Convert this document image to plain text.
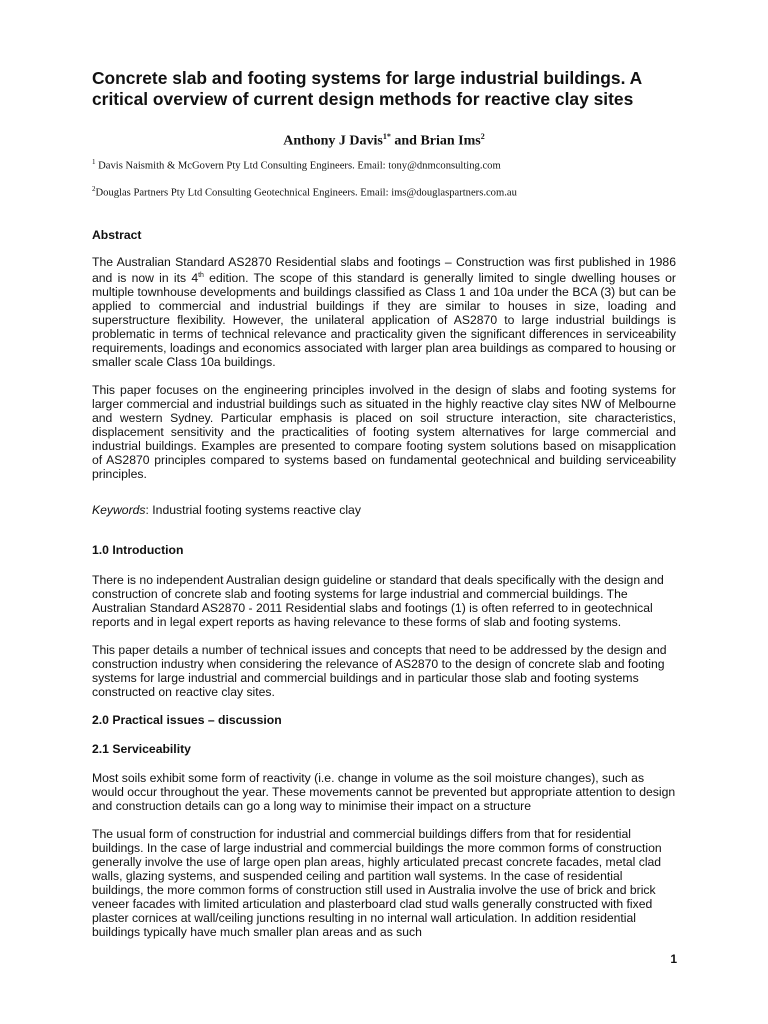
Concrete slab and footing systems for large industrial buildings. A critical overview of current design methods for reactive clay sites
Anthony J Davis$^{1*}$ and Brian Ims$^2$
$^1$ Davis Naismith & McGovern Pty Ltd Consulting Engineers. Email: tony@dnmconsulting.com
$^2$Douglas Partners Pty Ltd Consulting Geotechnical Engineers. Email: ims@douglaspartners.com.au
Abstract

The Australian Standard AS2870 Residential slabs and footings – Construction was first published in 1986 and is now in its 4th edition. The scope of this standard is generally limited to single dwelling houses or multiple townhouse developments and buildings classified as Class 1 and 10a under the BCA (3) but can be applied to commercial and industrial buildings if they are similar to houses in size, loading and superstructure flexibility. However, the unilateral application of AS2870 to large industrial buildings is problematic in terms of technical relevance and practicality given the significant differences in serviceability requirements, loadings and economics associated with larger plan area buildings as compared to housing or smaller scale Class 10a buildings.

This paper focuses on the engineering principles involved in the design of slabs and footing systems for larger commercial and industrial buildings such as situated in the highly reactive clay sites NW of Melbourne and western Sydney. Particular emphasis is placed on soil structure interaction, site characteristics, displacement sensitivity and the practicalities of footing system alternatives for large commercial and industrial buildings. Examples are presented to compare footing system solutions based on misapplication of AS2870 principles compared to systems based on fundamental geotechnical and building serviceability principles.

Keywords: Industrial footing systems reactive clay

1.0 Introduction

There is no independent Australian design guideline or standard that deals specifically with the design and construction of concrete slab and footing systems for large industrial and commercial buildings. The Australian Standard AS2870 - 2011 Residential slabs and footings (1) is often referred to in geotechnical reports and in legal expert reports as having relevance to these forms of slab and footing systems.

This paper details a number of technical issues and concepts that need to be addressed by the design and construction industry when considering the relevance of AS2870 to the design of concrete slab and footing systems for large industrial and commercial buildings and in particular those slab and footing systems constructed on reactive clay sites.

2.0 Practical issues – discussion
2.1 Serviceability

Most soils exhibit some form of reactivity (i.e. change in volume as the soil moisture changes), such as would occur throughout the year. These movements cannot be prevented but appropriate attention to design and construction details can go a long way to minimise their impact on a structure

The usual form of construction for industrial and commercial buildings differs from that for residential buildings. In the case of large industrial and commercial buildings the more common forms of construction generally involve the use of large open plan areas, highly articulated precast concrete facades, metal clad walls, glazing systems, and suspended ceiling and partition wall systems. In the case of residential buildings, the more common forms of construction still used in Australia involve the use of brick and brick veneer facades with limited articulation and plasterboard clad stud walls generally constructed with fixed plaster cornices at wall/ceiling junctions resulting in no internal wall articulation. In addition residential buildings typically have much smaller plan areas and as such

1
